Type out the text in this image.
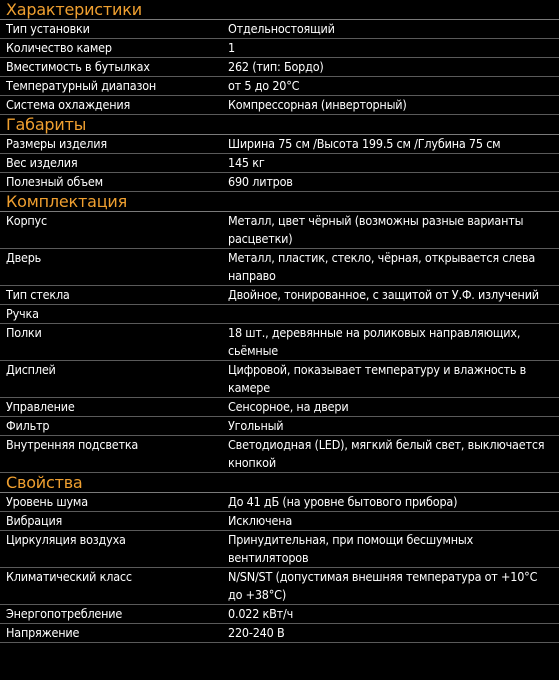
Характеристики
Тип установки	Отдельностоящий
Количество камер	1
Вместимость в бутылках	262 (тип: Бордо)
Температурный диапазон	от 5 до 20°С
Система охлаждения	Компрессорная (инверторный)
Габариты
Размеры изделия	Ширина 75 см /Высота 199.5 см /Глубина 75 см
Вес изделия	145 кг
Полезный объем	690 литров
Комплектация
Корпус	Металл, цвет чёрный (возможны разные варианты расцветки)
Дверь	Металл, пластик, стекло, чёрная, открывается слева направо
Тип стекла	Двойное, тонированное, с защитой от У.Ф. излучений
Ручка
Полки	18 шт., деревянные на роликовых направляющих, сьёмные
Дисплей	Цифровой, показывает температуру и влажность в камере
Управление	Сенсорное, на двери
Фильтр	Угольный
Внутренняя подсветка	Светодиодная (LED), мягкий белый свет, выключается кнопкой
Свойства
Уровень шума	До 41 дБ (на уровне бытового прибора)
Вибрация	Исключена
Циркуляция воздуха	Принудительная, при помощи бесшумных вентиляторов
Климатический класс	N/SN/ST (допустимая внешняя температура от +10°С до +38°С)
Энергопотребление	0.022 кВт/ч
Напряжение	220-240 В
